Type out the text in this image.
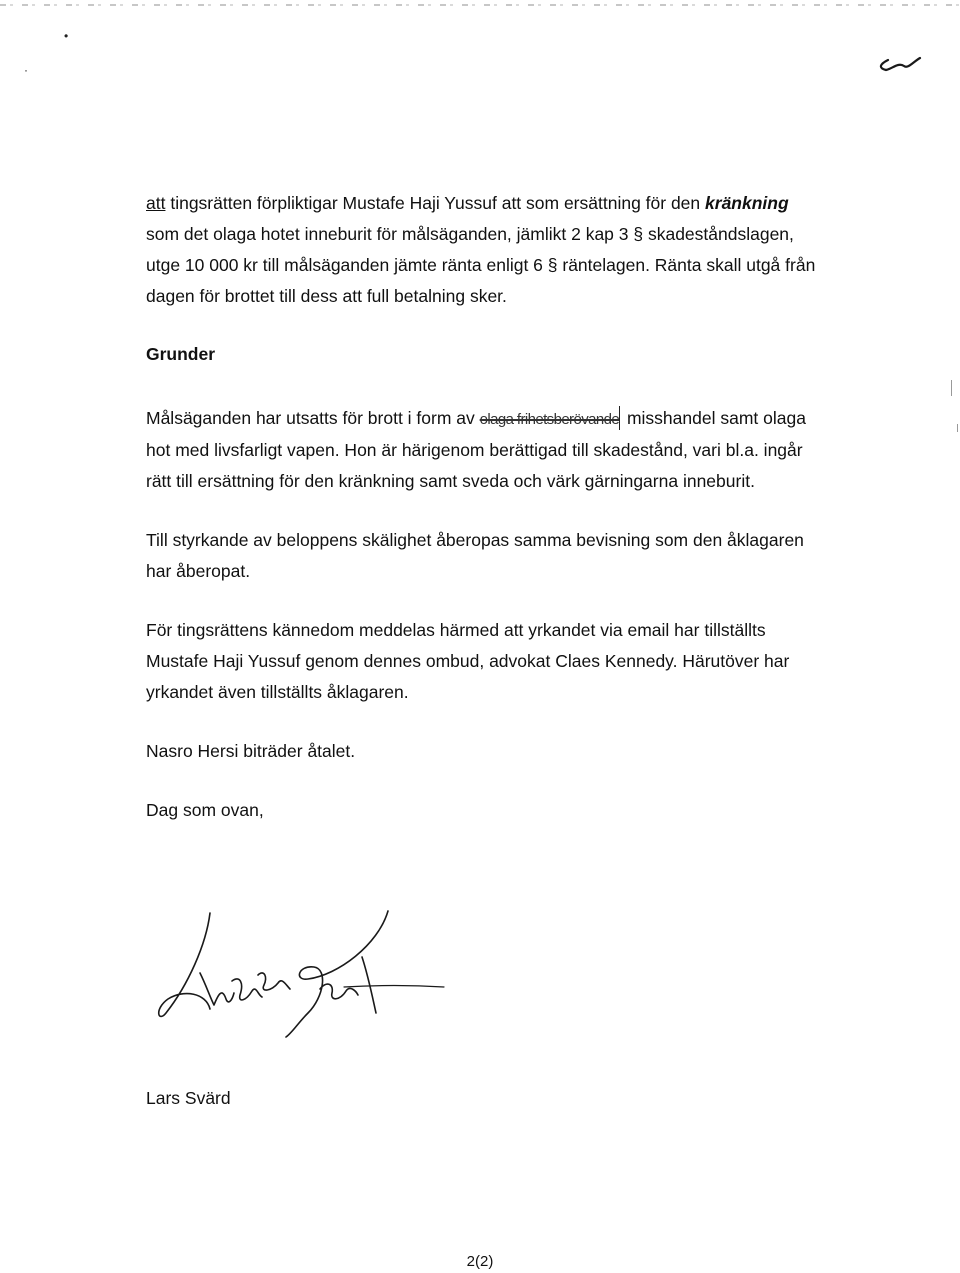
•
·

att tingsrätten förpliktigar Mustafe Haji Yussuf att som ersättning för den kränkning som det olaga hotet inneburit för målsäganden, jämlikt 2 kap 3 § skadeståndslagen, utge 10 000 kr till målsäganden jämte ränta enligt 6 § räntelagen. Ränta skall utgå från dagen för brottet till dess att full betalning sker.

Grunder

Målsäganden har utsatts för brott i form av olaga frihetsberövande misshandel samt olaga hot med livsfarligt vapen. Hon är härigenom berättigad till skadestånd, vari bl.a. ingår rätt till ersättning för den kränkning samt sveda och värk gärningarna inneburit.

Till styrkande av beloppens skälighet åberopas samma bevisning som den åklagaren har åberopat.

För tingsrättens kännedom meddelas härmed att yrkandet via email har tillställts Mustafe Haji Yussuf genom dennes ombud, advokat Claes Kennedy. Härutöver har yrkandet även tillställts åklagaren.

Nasro Hersi biträder åtalet.

Dag som ovan,

Lars Svärd
2(2)
